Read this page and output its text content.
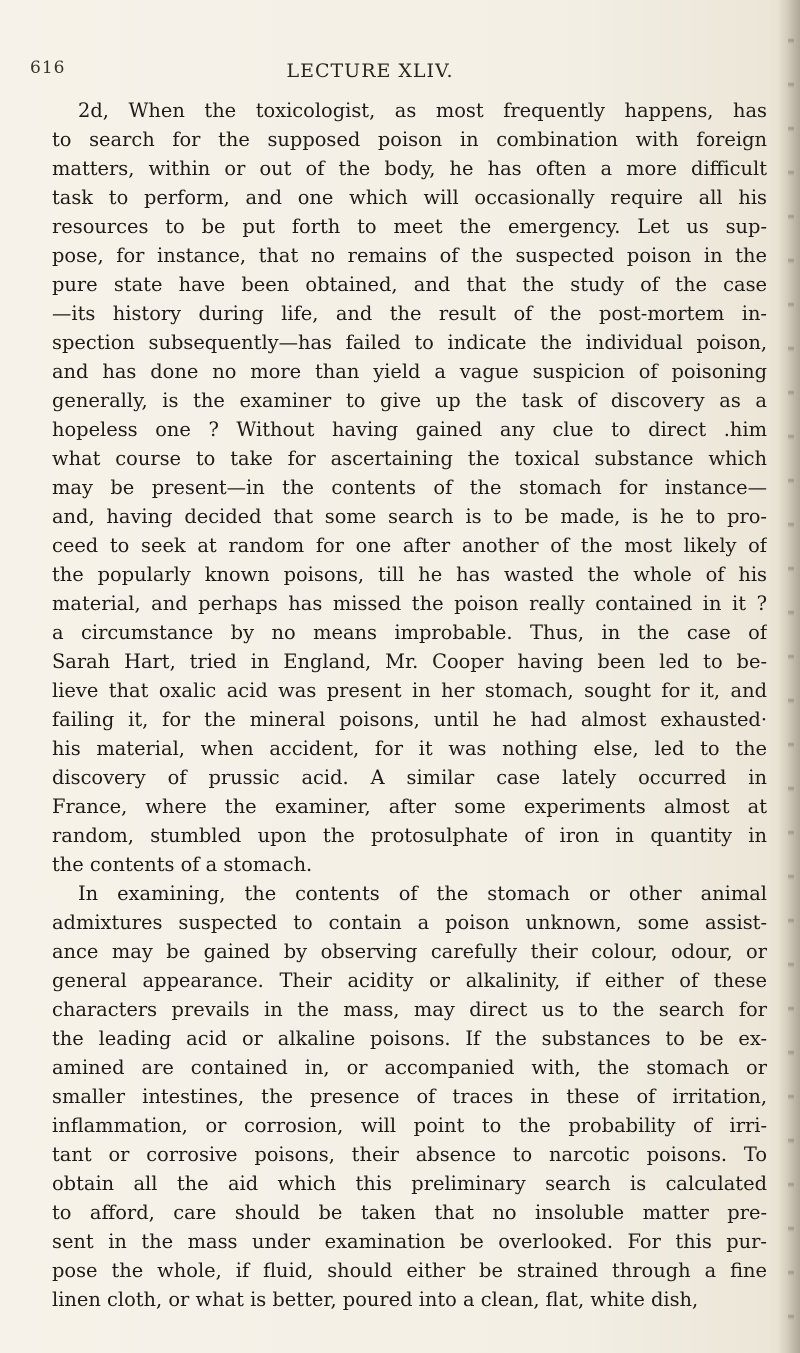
616	LECTURE XLIV.
2d, When the toxicologist, as most frequently happens, has
to search for the supposed poison in combination with foreign
matters, within or out of the body, he has often a more difficult
task to perform, and one which will occasionally require all his
resources to be put forth to meet the emergency. Let us sup-
pose, for instance, that no remains of the suspected poison in the
pure state have been obtained, and that the study of the case
—its history during life, and the result of the post-mortem in-
spection subsequently—has failed to indicate the individual poison,
and has done no more than yield a vague suspicion of poisoning
generally, is the examiner to give up the task of discovery as a
hopeless one ? Without having gained any clue to direct .him
what course to take for ascertaining the toxical substance which
may be present—in the contents of the stomach for instance—
and, having decided that some search is to be made, is he to pro-
ceed to seek at random for one after another of the most likely of
the popularly known poisons, till he has wasted the whole of his
material, and perhaps has missed the poison really contained in it ?
a circumstance by no means improbable. Thus, in the case of
Sarah Hart, tried in England, Mr. Cooper having been led to be-
lieve that oxalic acid was present in her stomach, sought for it, and
failing it, for the mineral poisons, until he had almost exhausted·
his material, when accident, for it was nothing else, led to the
discovery of prussic acid. A similar case lately occurred in
France, where the examiner, after some experiments almost at
random, stumbled upon the protosulphate of iron in quantity in
the contents of a stomach.
In examining, the contents of the stomach or other animal
admixtures suspected to contain a poison unknown, some assist-
ance may be gained by observing carefully their colour, odour, or
general appearance. Their acidity or alkalinity, if either of these
characters prevails in the mass, may direct us to the search for
the leading acid or alkaline poisons. If the substances to be ex-
amined are contained in, or accompanied with, the stomach or
smaller intestines, the presence of traces in these of irritation,
inflammation, or corrosion, will point to the probability of irri-
tant or corrosive poisons, their absence to narcotic poisons. To
obtain all the aid which this preliminary search is calculated
to afford, care should be taken that no insoluble matter pre-
sent in the mass under examination be overlooked. For this pur-
pose the whole, if fluid, should either be strained through a fine
linen cloth, or what is better, poured into a clean, flat, white dish,
